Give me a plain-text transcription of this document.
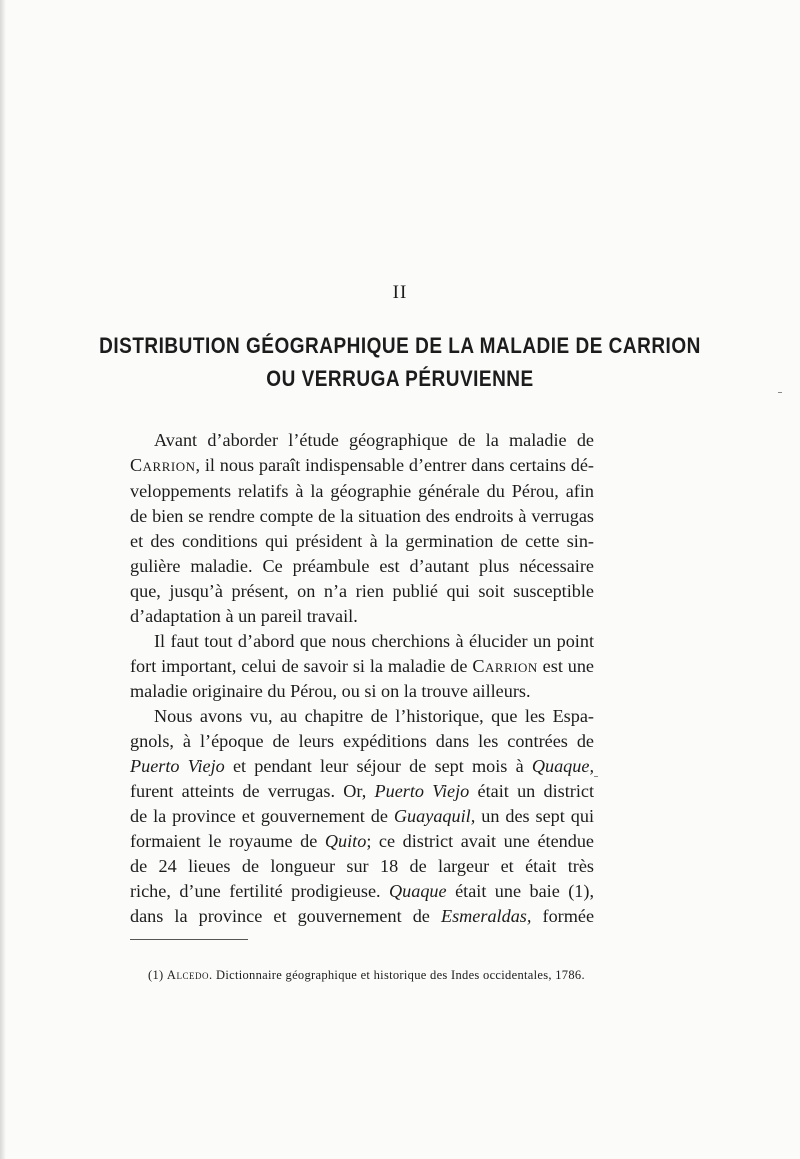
II
DISTRIBUTION GÉOGRAPHIQUE DE LA MALADIE DE CARRION
OU VERRUGA PÉRUVIENNE
Avant d’aborder l’étude géographique de la maladie de
Carrion, il nous paraît indispensable d’entrer dans certains dé-
veloppements relatifs à la géographie générale du Pérou, afin
de bien se rendre compte de la situation des endroits à verrugas
et des conditions qui président à la germination de cette sin-
gulière maladie. Ce préambule est d’autant plus nécessaire
que, jusqu’à présent, on n’a rien publié qui soit susceptible
d’adaptation à un pareil travail.
Il faut tout d’abord que nous cherchions à élucider un point
fort important, celui de savoir si la maladie de Carrion est une
maladie originaire du Pérou, ou si on la trouve ailleurs.
Nous avons vu, au chapitre de l’historique, que les Espa-
gnols, à l’époque de leurs expéditions dans les contrées de
Puerto Viejo et pendant leur séjour de sept mois à Quaque,
furent atteints de verrugas. Or, Puerto Viejo était un district
de la province et gouvernement de Guayaquil, un des sept qui
formaient le royaume de Quito; ce district avait une étendue
de 24 lieues de longueur sur 18 de largeur et était très
riche, d’une fertilité prodigieuse. Quaque était une baie (1),
dans la province et gouvernement de Esmeraldas, formée
(1) Alcedo. Dictionnaire géographique et historique des Indes occidentales, 1786.
